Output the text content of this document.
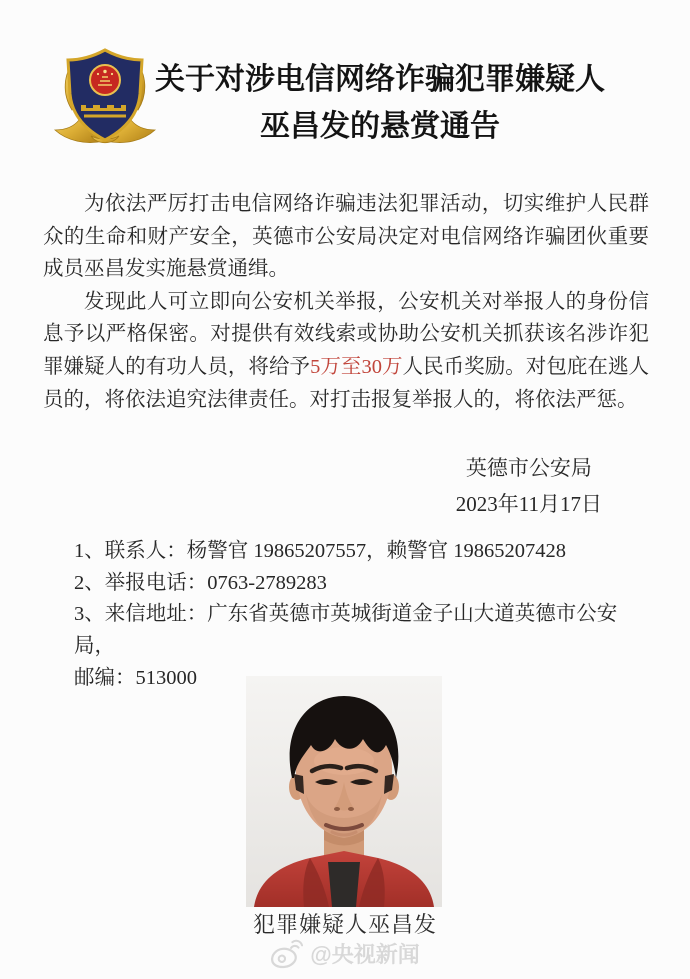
关于对涉电信网络诈骗犯罪嫌疑人
巫昌发的悬赏通告

为依法严厉打击电信网络诈骗违法犯罪活动，切实维护人民群众的生命和财产安全，英德市公安局决定对电信网络诈骗团伙重要成员巫昌发实施悬赏通缉。

发现此人可立即向公安机关举报，公安机关对举报人的身份信息予以严格保密。对提供有效线索或协助公安机关抓获该名涉诈犯罪嫌疑人的有功人员，将给予5万至30万人民币奖励。对包庇在逃人员的，将依法追究法律责任。对打击报复举报人的，将依法严惩。

英德市公安局
2023年11月17日
1、联系人：杨警官 19865207557，赖警官 19865207428
2、举报电话：0763-2789283
3、来信地址：广东省英德市英城街道金子山大道英德市公安局，
邮编：513000
犯罪嫌疑人巫昌发
@央视新闻
